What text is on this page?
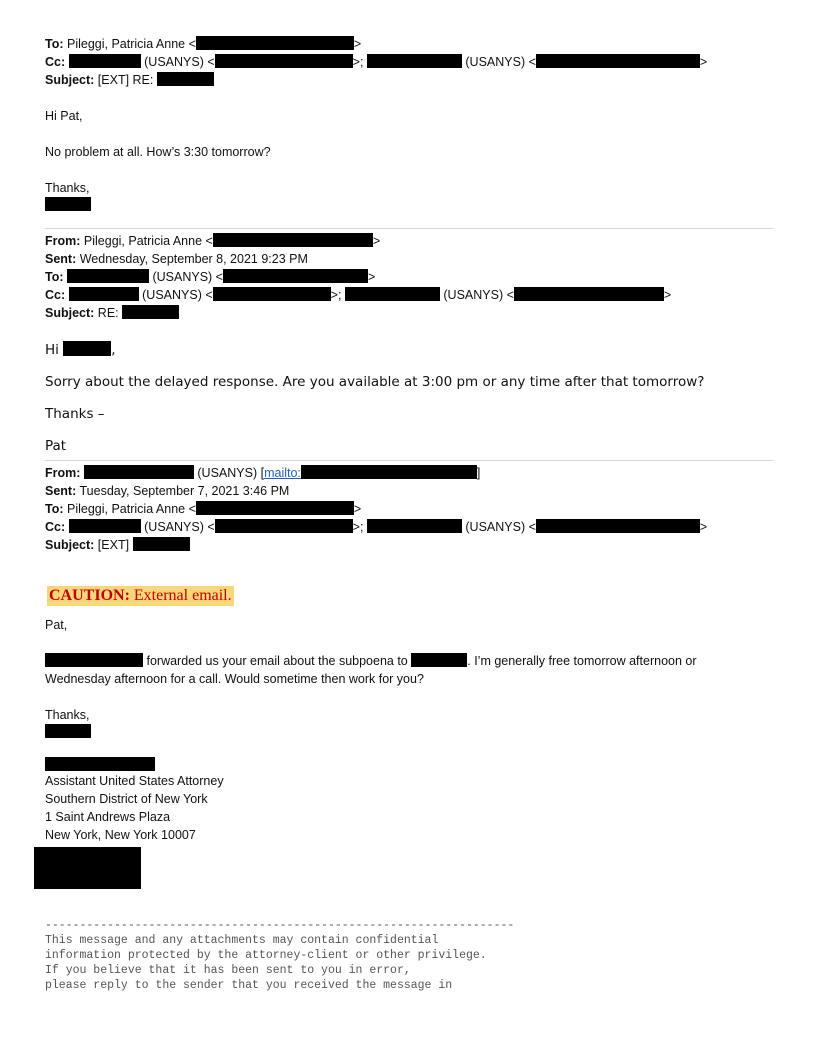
To: Pileggi, Patricia Anne <	>
Cc:	(USANYS) <	>;	(USANYS) <	>
Subject: [EXT] RE:

Hi Pat,

No problem at all. How’s 3:30 tomorrow?

Thanks,

From: Pileggi, Patricia Anne <	>
Sent: Wednesday, September 8, 2021 9:23 PM
To:	(USANYS) <	>
Cc:	(USANYS) <	>;	(USANYS) <	>
Subject: RE:

Hi	,

Sorry about the delayed response. Are you available at 3:00 pm or any time after that tomorrow?

Thanks –

Pat

From:	(USANYS) [mailto:	]
Sent: Tuesday, September 7, 2021 3:46 PM
To: Pileggi, Patricia Anne <	>
Cc:	(USANYS) <	>;	(USANYS) <	>
Subject: [EXT]
CAUTION: External email.

Pat,

forwarded us your email about the subpoena to	. I’m generally free tomorrow afternoon or
Wednesday afternoon for a call. Would sometime then work for you?

Thanks,

Assistant United States Attorney

Southern District of New York

1 Saint Andrews Plaza

New York, New York 10007

--------------------------------------------------------------------

This message and any attachments may contain confidential

information protected by the attorney-client or other privilege.

If you believe that it has been sent to you in error,

please reply to the sender that you received the message in
